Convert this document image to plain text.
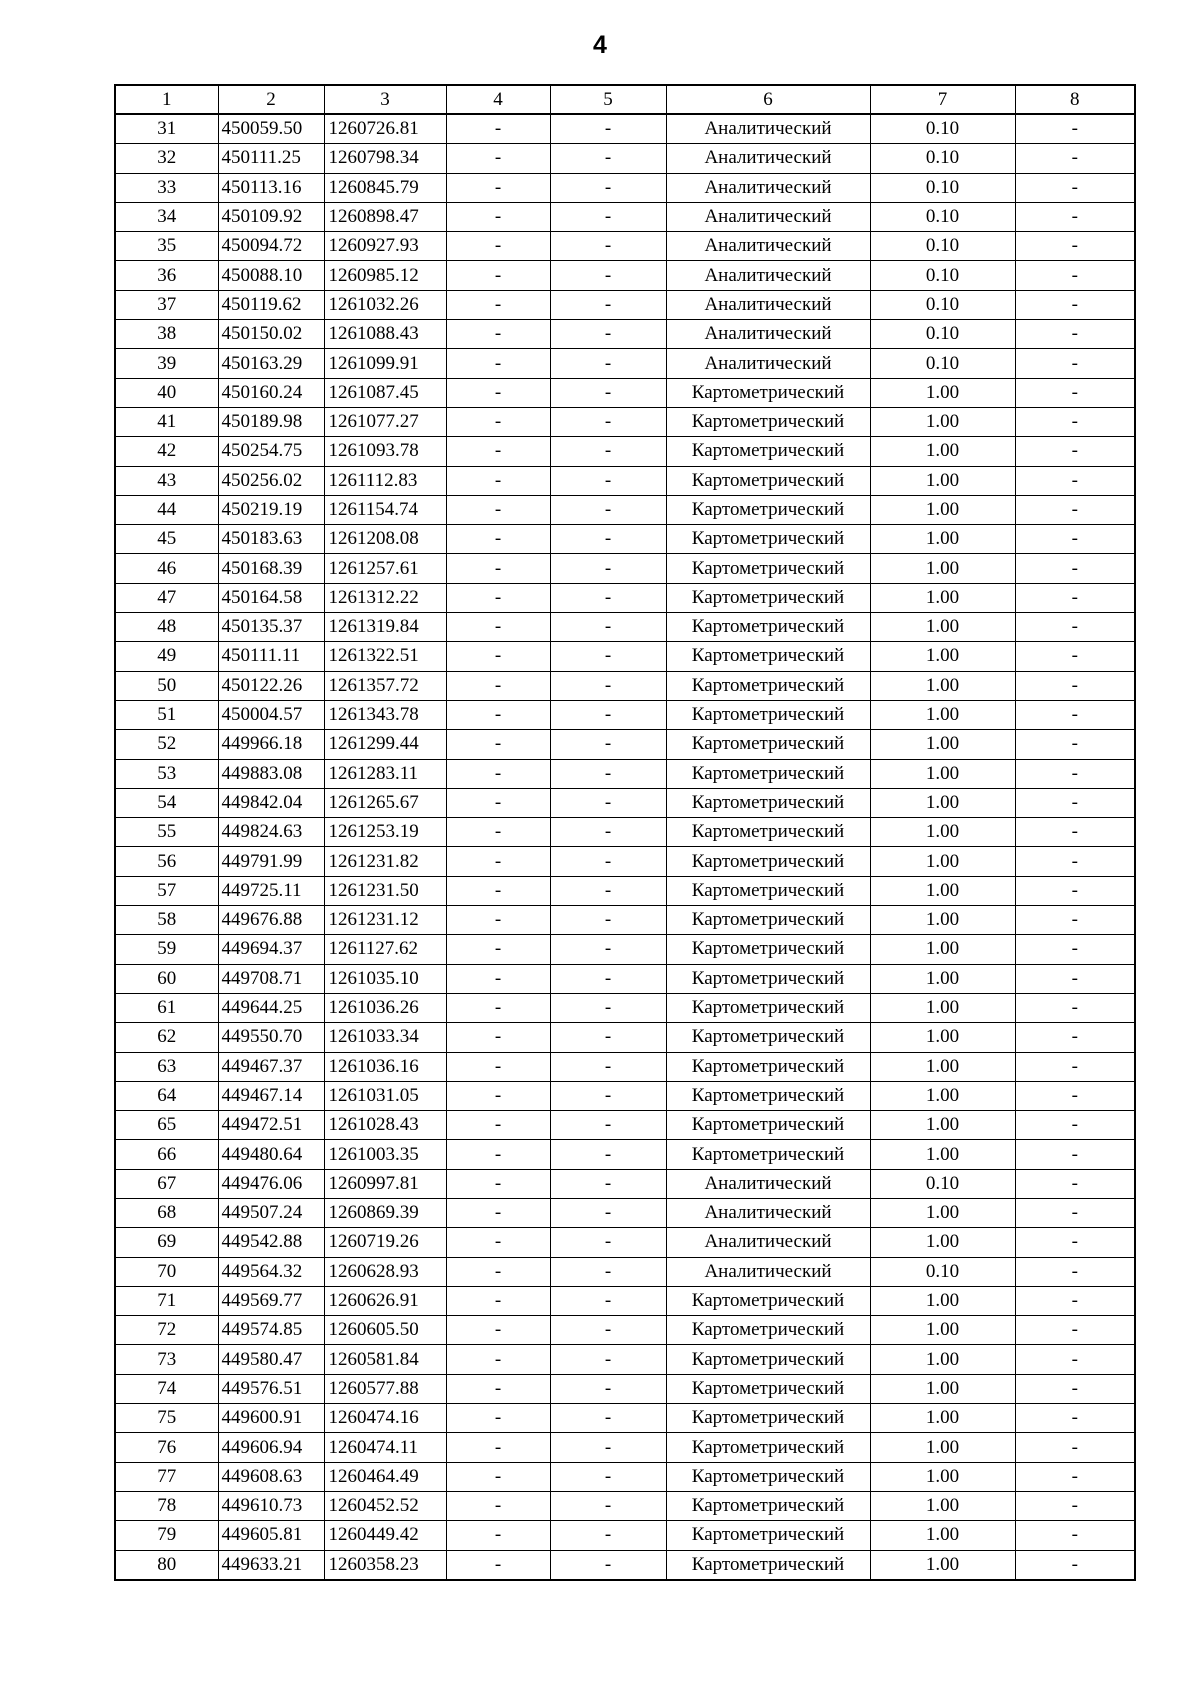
4
1	2	3	4	5	6	7	8
31	450059.50	1260726.81	-	-	Аналитический	0.10	-
32	450111.25	1260798.34	-	-	Аналитический	0.10	-
33	450113.16	1260845.79	-	-	Аналитический	0.10	-
34	450109.92	1260898.47	-	-	Аналитический	0.10	-
35	450094.72	1260927.93	-	-	Аналитический	0.10	-
36	450088.10	1260985.12	-	-	Аналитический	0.10	-
37	450119.62	1261032.26	-	-	Аналитический	0.10	-
38	450150.02	1261088.43	-	-	Аналитический	0.10	-
39	450163.29	1261099.91	-	-	Аналитический	0.10	-
40	450160.24	1261087.45	-	-	Картометрический	1.00	-
41	450189.98	1261077.27	-	-	Картометрический	1.00	-
42	450254.75	1261093.78	-	-	Картометрический	1.00	-
43	450256.02	1261112.83	-	-	Картометрический	1.00	-
44	450219.19	1261154.74	-	-	Картометрический	1.00	-
45	450183.63	1261208.08	-	-	Картометрический	1.00	-
46	450168.39	1261257.61	-	-	Картометрический	1.00	-
47	450164.58	1261312.22	-	-	Картометрический	1.00	-
48	450135.37	1261319.84	-	-	Картометрический	1.00	-
49	450111.11	1261322.51	-	-	Картометрический	1.00	-
50	450122.26	1261357.72	-	-	Картометрический	1.00	-
51	450004.57	1261343.78	-	-	Картометрический	1.00	-
52	449966.18	1261299.44	-	-	Картометрический	1.00	-
53	449883.08	1261283.11	-	-	Картометрический	1.00	-
54	449842.04	1261265.67	-	-	Картометрический	1.00	-
55	449824.63	1261253.19	-	-	Картометрический	1.00	-
56	449791.99	1261231.82	-	-	Картометрический	1.00	-
57	449725.11	1261231.50	-	-	Картометрический	1.00	-
58	449676.88	1261231.12	-	-	Картометрический	1.00	-
59	449694.37	1261127.62	-	-	Картометрический	1.00	-
60	449708.71	1261035.10	-	-	Картометрический	1.00	-
61	449644.25	1261036.26	-	-	Картометрический	1.00	-
62	449550.70	1261033.34	-	-	Картометрический	1.00	-
63	449467.37	1261036.16	-	-	Картометрический	1.00	-
64	449467.14	1261031.05	-	-	Картометрический	1.00	-
65	449472.51	1261028.43	-	-	Картометрический	1.00	-
66	449480.64	1261003.35	-	-	Картометрический	1.00	-
67	449476.06	1260997.81	-	-	Аналитический	0.10	-
68	449507.24	1260869.39	-	-	Аналитический	1.00	-
69	449542.88	1260719.26	-	-	Аналитический	1.00	-
70	449564.32	1260628.93	-	-	Аналитический	0.10	-
71	449569.77	1260626.91	-	-	Картометрический	1.00	-
72	449574.85	1260605.50	-	-	Картометрический	1.00	-
73	449580.47	1260581.84	-	-	Картометрический	1.00	-
74	449576.51	1260577.88	-	-	Картометрический	1.00	-
75	449600.91	1260474.16	-	-	Картометрический	1.00	-
76	449606.94	1260474.11	-	-	Картометрический	1.00	-
77	449608.63	1260464.49	-	-	Картометрический	1.00	-
78	449610.73	1260452.52	-	-	Картометрический	1.00	-
79	449605.81	1260449.42	-	-	Картометрический	1.00	-
80	449633.21	1260358.23	-	-	Картометрический	1.00	-
